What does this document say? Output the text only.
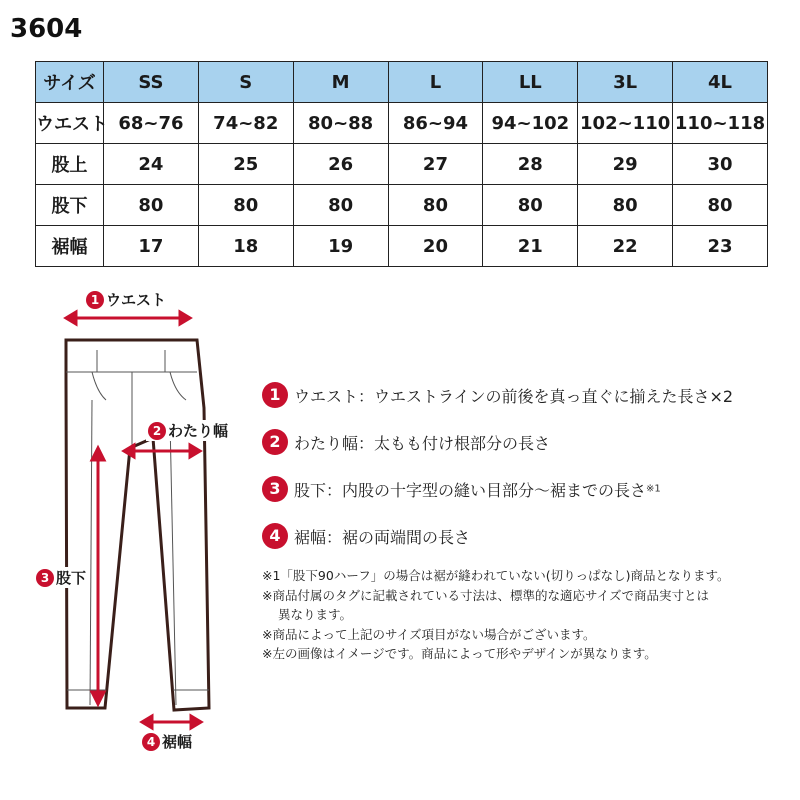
3604
サイズ	SS	S	M	L	LL	3L	4L
ウエスト	68~76	74~82	80~88	86~94	94~102	102~110	110~118
股上	24	25	26	27	28	29	30
股下	80	80	80	80	80	80	80
裾幅	17	18	19	20	21	22	23
1 ウエスト
2 わたり幅
3 股下
4 裾幅
1 ウエスト：ウエストラインの前後を真っ直ぐに揃えた長さ×2
2 わたり幅：太もも付け根部分の長さ
3 股下：内股の十字型の縫い目部分〜裾までの長さ※1
4 裾幅：裾の両端間の長さ
※1「股下90ハーフ」の場合は裾が縫われていない(切りっぱなし)商品となります。
※商品付属のタグに記載されている寸法は、標準的な適応サイズで商品実寸とは
異なります。
※商品によって上記のサイズ項目がない場合がございます。
※左の画像はイメージです。商品によって形やデザインが異なります。
